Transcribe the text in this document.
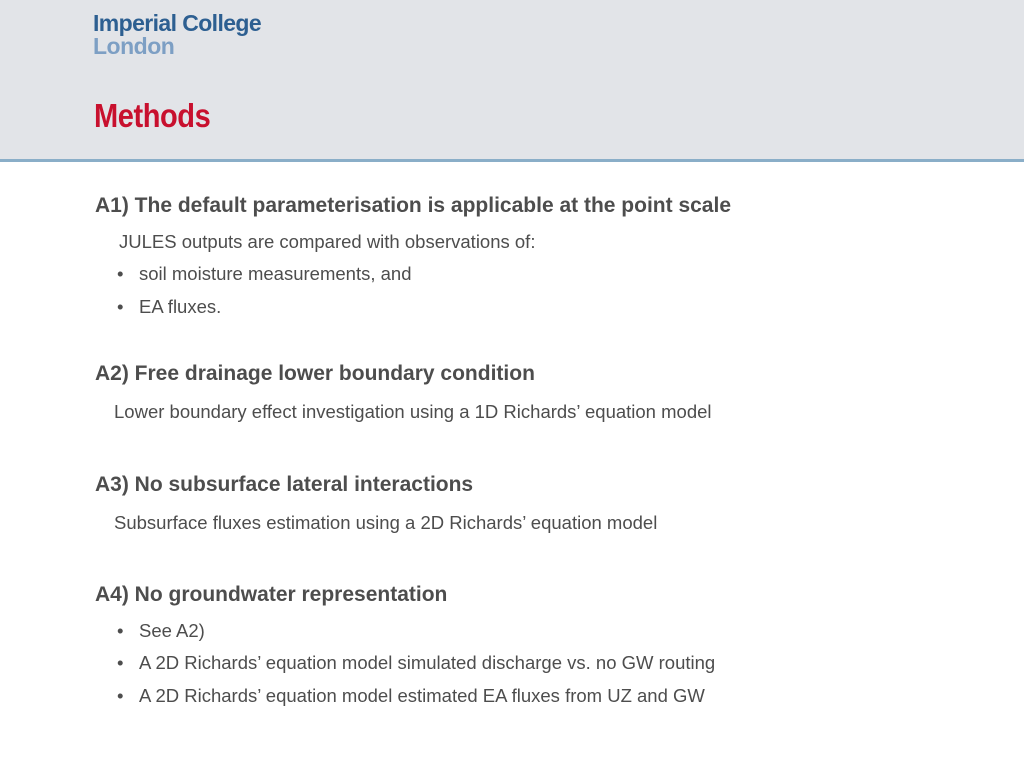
Imperial College
London
Methods
A1) The default parameterisation is applicable at the point scale
JULES outputs are compared with observations of:
• soil moisture measurements, and
• EA fluxes.
A2) Free drainage lower boundary condition
Lower boundary effect investigation using a 1D Richards’ equation model
A3) No subsurface lateral interactions
Subsurface fluxes estimation using a 2D Richards’ equation model
A4) No groundwater representation
• See A2)
• A 2D Richards’ equation model simulated discharge vs. no GW routing
• A 2D Richards’ equation model estimated EA fluxes from UZ and GW
